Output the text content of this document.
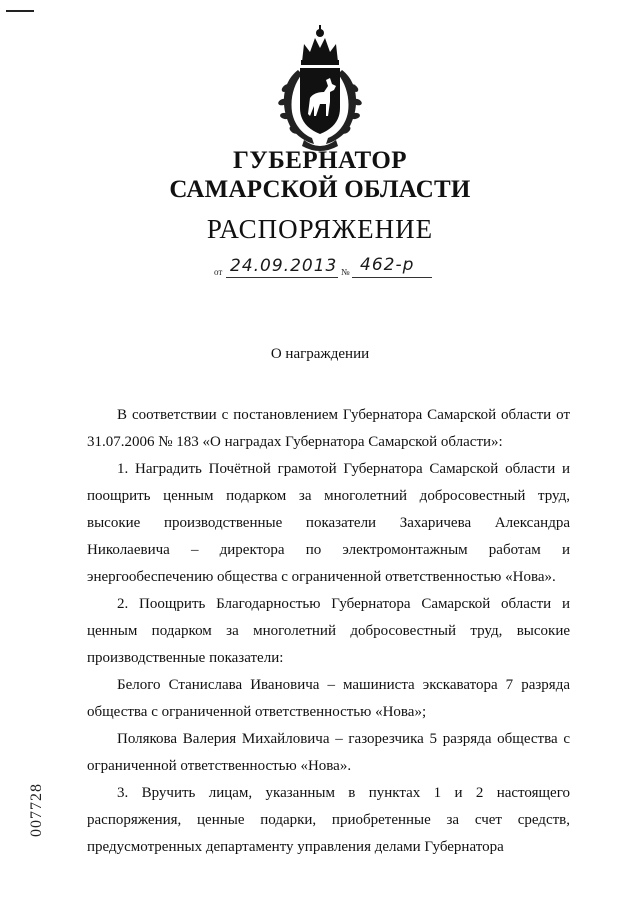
ГУБЕРНАТОР
САМАРСКОЙ ОБЛАСТИ
РАСПОРЯЖЕНИЕ
от 24.09.2013 № 462-р
О награждении

В соответствии с постановлением Губернатора Самарской области от 31.07.2006 № 183 «О наградах Губернатора Самарской области»:

1. Наградить Почётной грамотой Губернатора Самарской области и поощрить ценным подарком за многолетний добросовестный труд, высокие производственные показатели Захаричева Александра Николаевича – директора по электромонтажным работам и энергообеспечению общества с ограниченной ответственностью «Нова».

2. Поощрить Благодарностью Губернатора Самарской области и ценным подарком за многолетний добросовестный труд, высокие производственные показатели:

Белого Станислава Ивановича – машиниста экскаватора 7 разряда общества с ограниченной ответственностью «Нова»;

Полякова Валерия Михайловича – газорезчика 5 разряда общества с ограниченной ответственностью «Нова».

3. Вручить лицам, указанным в пунктах 1 и 2 настоящего распоряжения, ценные подарки, приобретенные за счет средств, предусмотренных департаменту управления делами Губернатора

007728
